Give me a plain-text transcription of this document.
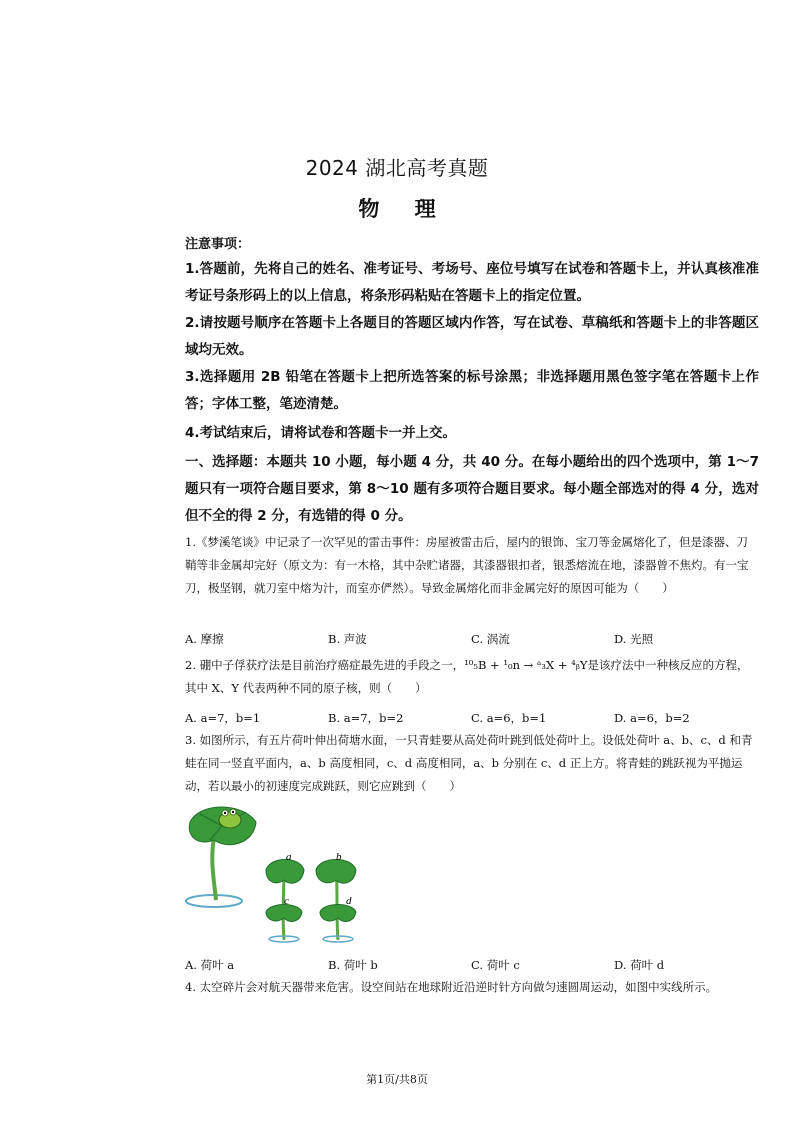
2024 湖北高考真题
物 理
注意事项：
1.答题前，先将自己的姓名、准考证号、考场号、座位号填写在试卷和答题卡上，并认真核准准考证号条形码上的以上信息，将条形码粘贴在答题卡上的指定位置。
2.请按题号顺序在答题卡上各题目的答题区域内作答，写在试卷、草稿纸和答题卡上的非答题区域均无效。
3.选择题用 2B 铅笔在答题卡上把所选答案的标号涂黑；非选择题用黑色签字笔在答题卡上作答；字体工整，笔迹清楚。
4.考试结束后，请将试卷和答题卡一并上交。
一、选择题：本题共 10 小题，每小题 4 分，共 40 分。在每小题给出的四个选项中，第 1～7 题只有一项符合题目要求，第 8～10 题有多项符合题目要求。每小题全部选对的得 4 分，选对但不全的得 2 分，有选错的得 0 分。
1.《梦溪笔谈》中记录了一次罕见的雷击事件：房屋被雷击后，屋内的银饰、宝刀等金属熔化了，但是漆器、刀鞘等非金属却完好（原文为：有一木格，其中杂贮诸器，其漆器银扣者，银悉熔流在地，漆器曾不焦灼。有一宝刀，极坚钢，就刀室中熔为汁，而室亦俨然）。导致金属熔化而非金属完好的原因可能为（　　）
A. 摩擦	B. 声波	C. 涡流	D. 光照
2. 硼中子俘获疗法是目前治疗癌症最先进的手段之一，¹⁰₅B + ¹₀n → ᵃ₃X + ⁴ᵦY是该疗法中一种核反应的方程，其中 X、Y 代表两种不同的原子核，则（　　）
A. a=7，b=1	B. a=7，b=2	C. a=6，b=1	D. a=6，b=2
3. 如图所示，有五片荷叶伸出荷塘水面，一只青蛙要从高处荷叶跳到低处荷叶上。设低处荷叶 a、b、c、d 和青蛙在同一竖直平面内，a、b 高度相同，c、d 高度相同，a、b 分别在 c、d 正上方。将青蛙的跳跃视为平抛运动，若以最小的初速度完成跳跃，则它应跳到（　　）
a
c
b
d
A. 荷叶 a	B. 荷叶 b	C. 荷叶 c	D. 荷叶 d
4. 太空碎片会对航天器带来危害。设空间站在地球附近沿逆时针方向做匀速圆周运动，如图中实线所示。
第1页/共8页
